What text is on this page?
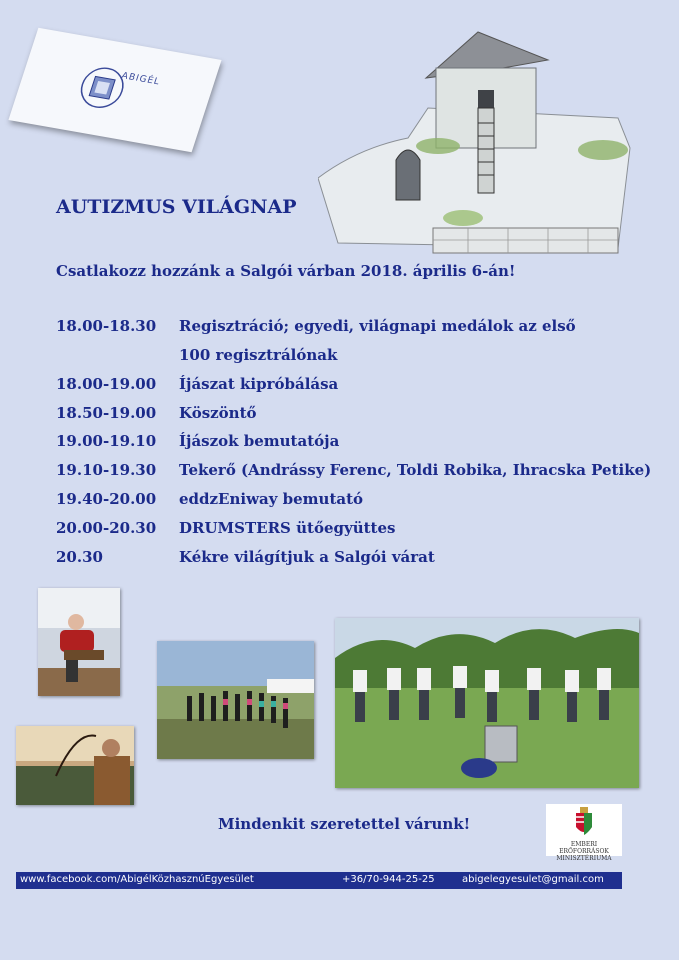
ABIGÉL
AUTIZMUS VILÁGNAP
Csatlakozz hozzánk a Salgói várban 2018. április 6-án!
18.00-18.30 Regisztráció; egyedi, világnapi medálok az első
100 regisztrálónak
18.00-19.00 Íjászat kipróbálása
18.50-19.00 Köszöntő
19.00-19.10 Íjászok bemutatója
19.10-19.30 Tekerő (Andrássy Ferenc, Toldi Robika, Ihracska Petike)
19.40-20.00 eddzEniway bemutató
20.00-20.30 DRUMSTERS ütőegyüttes
20.30	Kékre világítjuk a Salgói várat
Mindenkit szeretettel várunk!
EMBERI ERŐFORRÁSOK
MINISZTÉRIUMA
www.facebook.com/AbigélKözhasznúEgyesület	+36/70-944-25-25	abigelegyesulet@gmail.com
